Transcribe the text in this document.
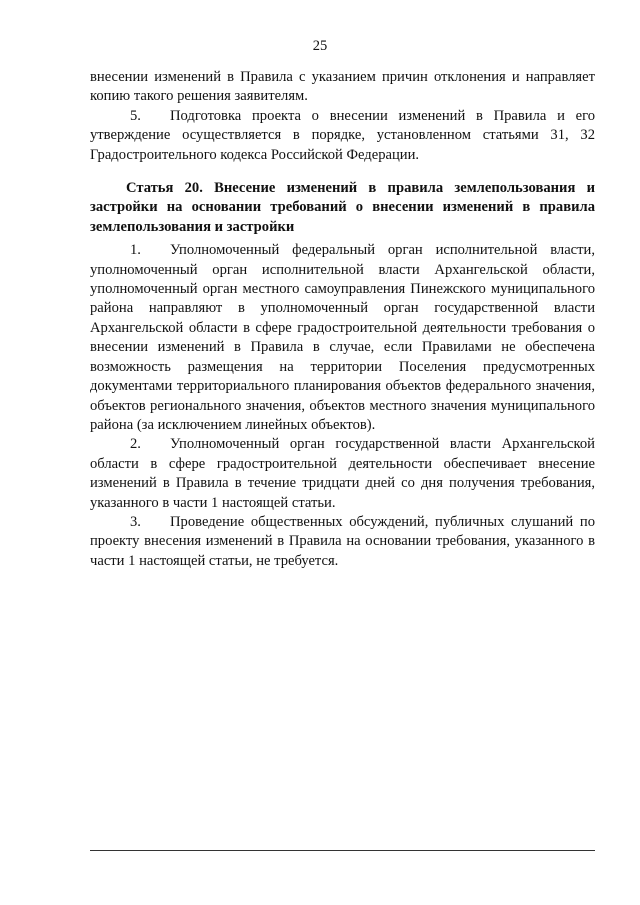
25

внесении изменений в Правила с указанием причин отклонения и направляет копию такого решения заявителям.

5. Подготовка проекта о внесении изменений в Правила и его утверждение осуществляется в порядке, установленном статьями 31, 32 Градостроительного кодекса Российской Федерации.

Статья 20. Внесение изменений в правила землепользования и застройки на основании требований о внесении изменений в правила землепользования и застройки

1. Уполномоченный федеральный орган исполнительной власти, уполномоченный орган исполнительной власти Архангельской области, уполномоченный орган местного самоуправления Пинежского муниципального района направляют в уполномоченный орган государственной власти Архангельской области в сфере градостроительной деятельности требования о внесении изменений в Правила в случае, если Правилами не обеспечена возможность размещения на территории Поселения предусмотренных документами территориального планирования объектов федерального значения, объектов регионального значения, объектов местного значения муниципального района (за исключением линейных объектов).

2. Уполномоченный орган государственной власти Архангельской области в сфере градостроительной деятельности обеспечивает внесение изменений в Правила в течение тридцати дней со дня получения требования, указанного в части 1 настоящей статьи.

3. Проведение общественных обсуждений, публичных слушаний по проекту внесения изменений в Правила на основании требования, указанного в части 1 настоящей статьи, не требуется.
